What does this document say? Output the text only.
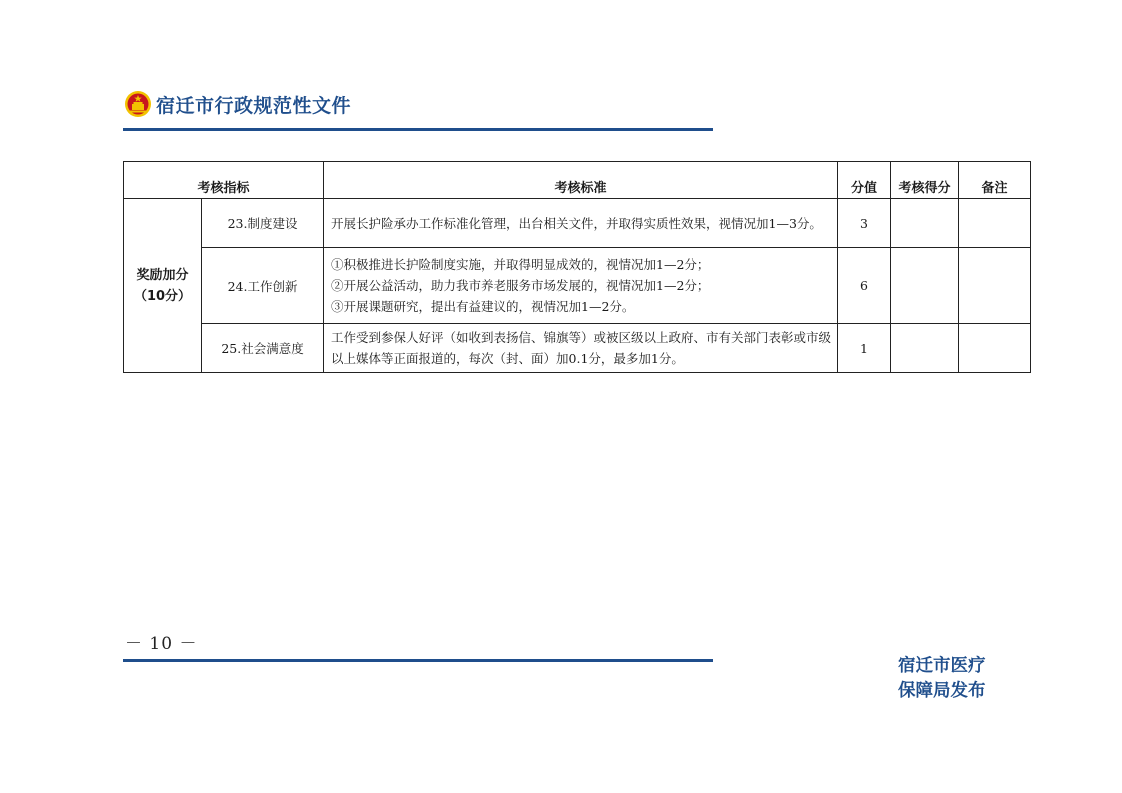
宿迁市行政规范性文件
考核指标		考核标准	分值	考核得分	备注

奖励加分
（10分）	23.制度建设	开展长护险承办工作标准化管理，出台相关文件，并取得实质性效果，视情况加1—3分。	3		
	24.工作创新	①积极推进长护险制度实施，并取得明显成效的，视情况加1—2分；
②开展公益活动，助力我市养老服务市场发展的，视情况加1—2分；
③开展课题研究，提出有益建议的，视情况加1—2分。	6		
	25.社会满意度	工作受到参保人好评（如收到表扬信、锦旗等）或被区级以上政府、市有关部门表彰或市级以上媒体等正面报道的，每次（封、面）加0.1分，最多加1分。	1		
－ 10 －
宿迁市医疗
保障局发布
